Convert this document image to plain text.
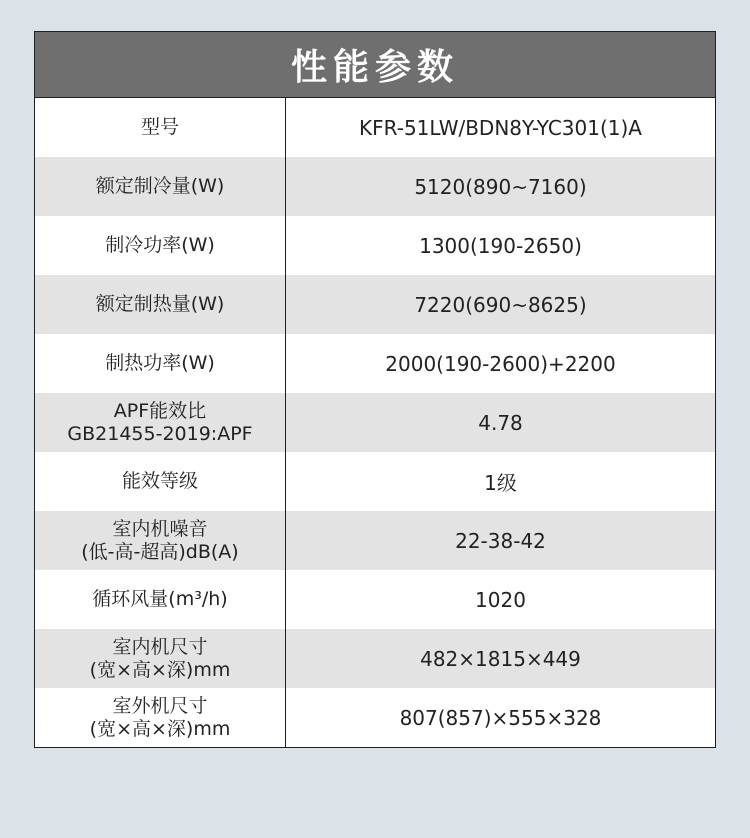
性能参数
型号	KFR-51LW/BDN8Y-YC301(1)A
额定制冷量(W)	5120(890~7160)
制冷功率(W)	1300(190-2650)
额定制热量(W)	7220(690~8625)
制热功率(W)	2000(190-2600)+2200
APF能效比
GB21455-2019:APF	4.78
能效等级	1级
室内机噪音
(低-高-超高)dB(A)	22-38-42
循环风量(m³/h)	1020
室内机尺寸
(宽×高×深)mm	482×1815×449
室外机尺寸
(宽×高×深)mm	807(857)×555×328
